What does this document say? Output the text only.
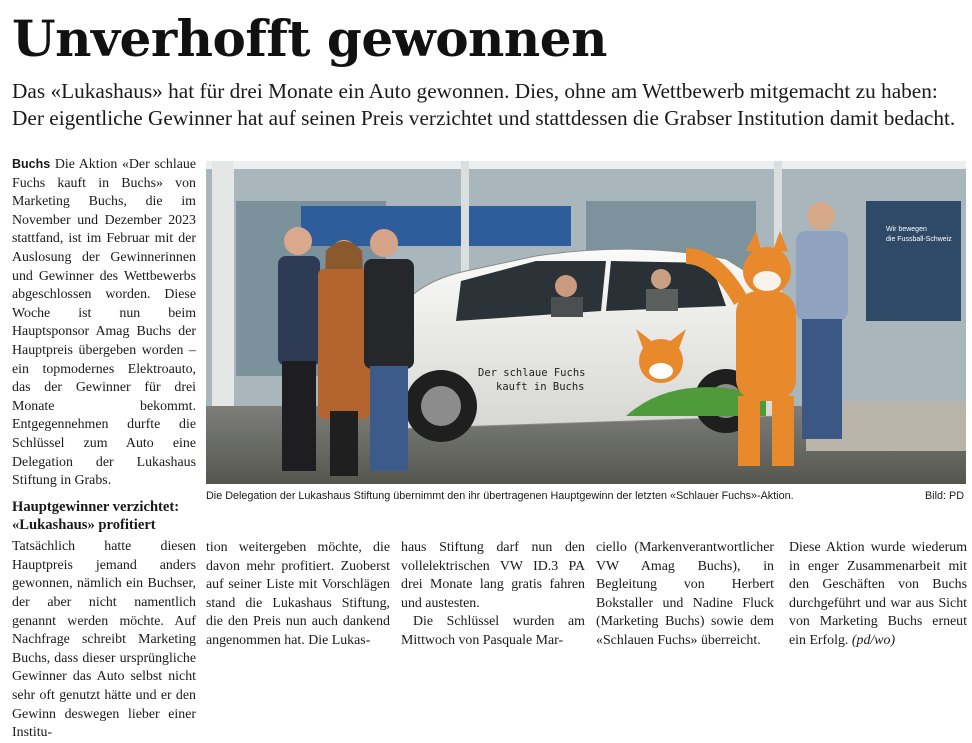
Unverhofft gewonnen

Das «Lukashaus» hat für drei Monate ein Auto gewonnen. Dies, ohne am Wettbewerb mitgemacht zu haben: Der eigentliche Gewinner hat auf seinen Preis verzichtet und stattdessen die Grabser Institution damit bedacht.

Buchs Die Aktion «Der schlaue Fuchs kauft in Buchs» von Marketing Buchs, die im November und Dezember 2023 stattfand, ist im Februar mit der Auslosung der Gewinnerinnen und Gewinner des Wettbewerbs abgeschlossen worden. Diese Woche ist nun beim Hauptsponsor Amag Buchs der Hauptpreis übergeben worden – ein topmodernes Elektroauto, das der Gewinner für drei Monate bekommt. Entgegennehmen durfte die Schlüssel zum Auto eine Delegation der Lukashaus Stiftung in Grabs.

Hauptgewinner verzichtet: «Lukashaus» profitiert

Tatsächlich hatte diesen Hauptpreis jemand anders gewonnen, nämlich ein Buchser, der aber nicht namentlich genannt werden möchte. Auf Nachfrage schreibt Marketing Buchs, dass dieser ursprüngliche Gewinner das Auto selbst nicht sehr oft genutzt hätte und er den Gewinn deswegen lieber einer Institu-

Wir bewegen
die Fussball-Schweiz
Der schlaue Fuchs
kauft in Buchs
Die Delegation der Lukashaus Stiftung übernimmt den ihr übertragenen Hauptgewinn der letzten «Schlauer Fuchs»-Aktion.	Bild: PD

tion weitergeben möchte, die davon mehr profitiert. Zuoberst auf seiner Liste mit Vorschlägen stand die Lukashaus Stiftung, die den Preis nun auch dankend angenommen hat. Die Lukas-

haus Stiftung darf nun den vollelektrischen VW ID.3 PA drei Monate lang gratis fahren und austesten.

Die Schlüssel wurden am Mittwoch von Pasquale Mar-

ciello (Markenverantwortlicher VW Amag Buchs), in Begleitung von Herbert Bokstaller und Nadine Fluck (Marketing Buchs) sowie dem «Schlauen Fuchs» überreicht.

Diese Aktion wurde wiederum in enger Zusammenarbeit mit den Geschäften von Buchs durchgeführt und war aus Sicht von Marketing Buchs erneut ein Erfolg. (pd/wo)
